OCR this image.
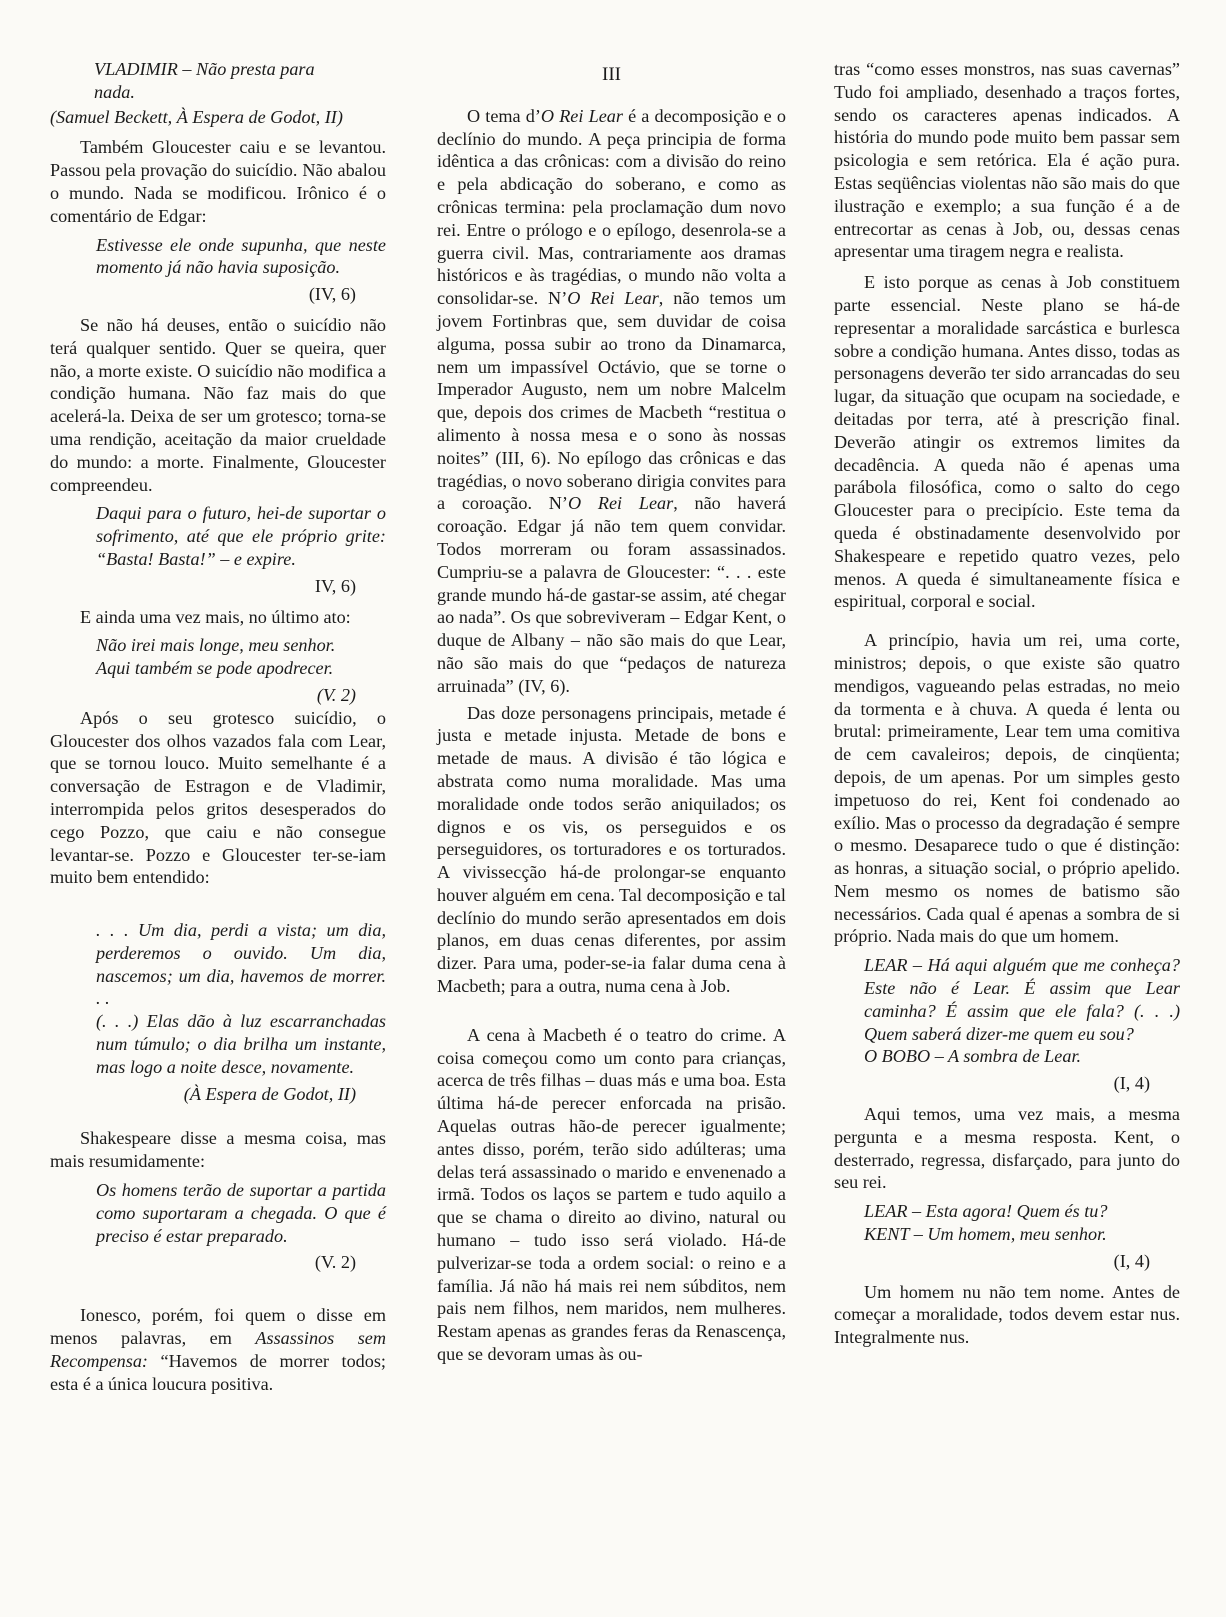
VLADIMIR – Não presta para
nada.

(Samuel Beckett, À Espera de Godot, II)

Também Gloucester caiu e se levantou. Passou pela provação do suicídio. Não abalou o mundo. Nada se modificou. Irônico é o comentário de Edgar:

Estivesse ele onde supunha, que neste momento já não havia suposição.

(IV, 6)

Se não há deuses, então o suicídio não terá qualquer sentido. Quer se queira, quer não, a morte existe. O suicídio não modifica a condição humana. Não faz mais do que acelerá-la. Deixa de ser um grotesco; torna-se uma rendição, aceitação da maior crueldade do mundo: a morte. Finalmente, Gloucester compreendeu.

Daqui para o futuro, hei-de suportar o sofrimento, até que ele próprio grite: “Basta! Basta!” – e expire.

IV, 6)

E ainda uma vez mais, no último ato:

Não irei mais longe, meu senhor.
Aqui também se pode apodrecer.

(V. 2)

Após o seu grotesco suicídio, o Gloucester dos olhos vazados fala com Lear, que se tornou louco. Muito semelhante é a conversação de Estragon e de Vladimir, interrompida pelos gritos desesperados do cego Pozzo, que caiu e não consegue levantar-se. Pozzo e Gloucester ter-se-iam muito bem entendido:

. . . Um dia, perdi a vista; um dia, perderemos o ouvido. Um dia, nascemos; um dia, havemos de morrer. . .
(. . .) Elas dão à luz escarranchadas num túmulo; o dia brilha um instante, mas logo a noite desce, novamente.

(À Espera de Godot, II)

Shakespeare disse a mesma coisa, mas mais resumidamente:

Os homens terão de suportar a partida como suportaram a chegada. O que é preciso é estar preparado.

(V. 2)

Ionesco, porém, foi quem o disse em menos palavras, em Assassinos sem Recompensa: “Havemos de morrer todos; esta é a única loucura positiva.

III

O tema d’O Rei Lear é a decomposição e o declínio do mundo. A peça principia de forma idêntica a das crônicas: com a divisão do reino e pela abdicação do soberano, e como as crônicas termina: pela proclamação dum novo rei. Entre o prólogo e o epílogo, desenrola-se a guerra civil. Mas, contrariamente aos dramas históricos e às tragédias, o mundo não volta a consolidar-se. N’O Rei Lear, não temos um jovem Fortinbras que, sem duvidar de coisa alguma, possa subir ao trono da Dinamarca, nem um impassível Octávio, que se torne o Imperador Augusto, nem um nobre Malcelm que, depois dos crimes de Macbeth “restitua o alimento à nossa mesa e o sono às nossas noites” (III, 6). No epílogo das crônicas e das tragédias, o novo soberano dirigia convites para a coroação. N’O Rei Lear, não haverá coroação. Edgar já não tem quem convidar. Todos morreram ou foram assassinados. Cumpriu-se a palavra de Gloucester: “. . . este grande mundo há-de gastar-se assim, até chegar ao nada”. Os que sobreviveram – Edgar Kent, o duque de Albany – não são mais do que Lear, não são mais do que “pedaços de natureza arruinada” (IV, 6).

Das doze personagens principais, metade é justa e metade injusta. Metade de bons e metade de maus. A divisão é tão lógica e abstrata como numa moralidade. Mas uma moralidade onde todos serão aniquilados; os dignos e os vis, os perseguidos e os perseguidores, os torturadores e os torturados. A vivissecção há-de prolongar-se enquanto houver alguém em cena. Tal decomposição e tal declínio do mundo serão apresentados em dois planos, em duas cenas diferentes, por assim dizer. Para uma, poder-se-ia falar duma cena à Macbeth; para a outra, numa cena à Job.

A cena à Macbeth é o teatro do crime. A coisa começou como um conto para crianças, acerca de três filhas – duas más e uma boa. Esta última há-de perecer enforcada na prisão. Aquelas outras hão-de perecer igualmente; antes disso, porém, terão sido adúlteras; uma delas terá assassinado o marido e envenenado a irmã. Todos os laços se partem e tudo aquilo a que se chama o direito ao divino, natural ou humano – tudo isso será violado. Há-de pulverizar-se toda a ordem social: o reino e a família. Já não há mais rei nem súbditos, nem pais nem filhos, nem maridos, nem mulheres. Restam apenas as grandes feras da Renascença, que se devoram umas às ou-

tras “como esses monstros, nas suas cavernas” Tudo foi ampliado, desenhado a traços fortes, sendo os caracteres apenas indicados. A história do mundo pode muito bem passar sem psicologia e sem retórica. Ela é ação pura. Estas seqüências violentas não são mais do que ilustração e exemplo; a sua função é a de entrecortar as cenas à Job, ou, dessas cenas apresentar uma tiragem negra e realista.

E isto porque as cenas à Job constituem parte essencial. Neste plano se há-de representar a moralidade sarcástica e burlesca sobre a condição humana. Antes disso, todas as personagens deverão ter sido arrancadas do seu lugar, da situação que ocupam na sociedade, e deitadas por terra, até à prescrição final. Deverão atingir os extremos limites da decadência. A queda não é apenas uma parábola filosófica, como o salto do cego Gloucester para o precipício. Este tema da queda é obstinadamente desenvolvido por Shakespeare e repetido quatro vezes, pelo menos. A queda é simultaneamente física e espiritual, corporal e social.

A princípio, havia um rei, uma corte, ministros; depois, o que existe são quatro mendigos, vagueando pelas estradas, no meio da tormenta e à chuva. A queda é lenta ou brutal: primeiramente, Lear tem uma comitiva de cem cavaleiros; depois, de cinqüenta; depois, de um apenas. Por um simples gesto impetuoso do rei, Kent foi condenado ao exílio. Mas o processo da degradação é sempre o mesmo. Desaparece tudo o que é distinção: as honras, a situação social, o próprio apelido. Nem mesmo os nomes de batismo são necessários. Cada qual é apenas a sombra de si próprio. Nada mais do que um homem.

LEAR – Há aqui alguém que me conheça? Este não é Lear. É assim que Lear caminha? É assim que ele fala? (. . .) Quem saberá dizer-me quem eu sou?
O BOBO – A sombra de Lear.

(I, 4)

Aqui temos, uma vez mais, a mesma pergunta e a mesma resposta. Kent, o desterrado, regressa, disfarçado, para junto do seu rei.

LEAR – Esta agora! Quem és tu?
KENT – Um homem, meu senhor.

(I, 4)

Um homem nu não tem nome. Antes de começar a moralidade, todos devem estar nus. Integralmente nus.
